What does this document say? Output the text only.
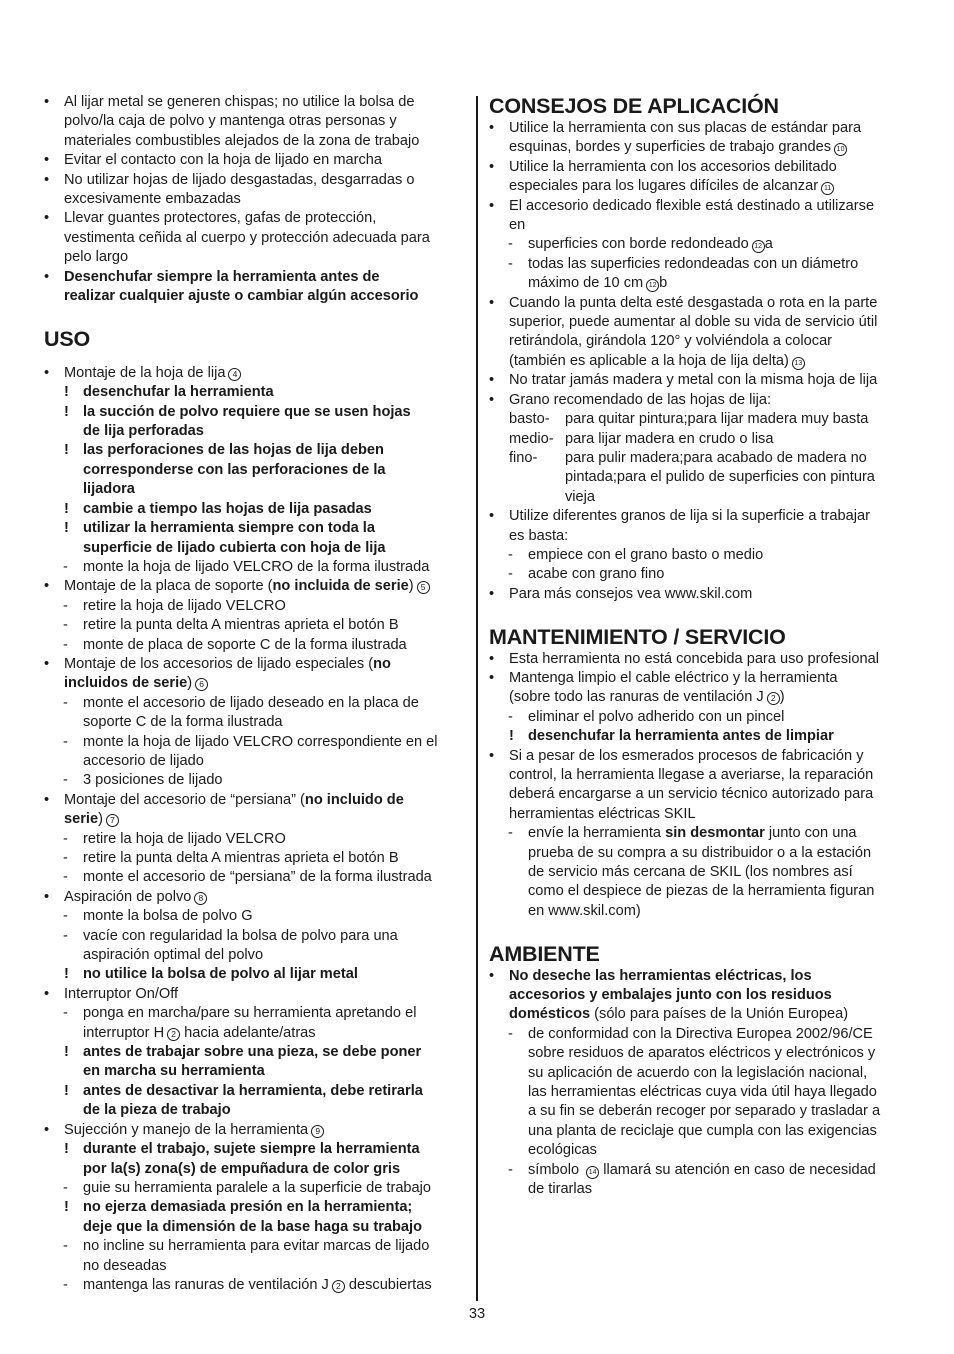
• Al lijar metal se generen chispas; no utilice la bolsa de
polvo/la caja de polvo y mantenga otras personas y
materiales combustibles alejados de la zona de trabajo
• Evitar el contacto con la hoja de lijado en marcha
• No utilizar hojas de lijado desgastadas, desgarradas o
excesivamente embazadas
• Llevar guantes protectores, gafas de protección,
vestimenta ceñida al cuerpo y protección adecuada para
pelo largo
• Desenchufar siempre la herramienta antes de
realizar cualquier ajuste o cambiar algún accesorio
USO
• Montaje de la hoja de lija 4
! desenchufar la herramienta
! la succión de polvo requiere que se usen hojas
de lija perforadas
! las perforaciones de las hojas de lija deben
corresponderse con las perforaciones de la
lijadora
! cambie a tiempo las hojas de lija pasadas
! utilizar la herramienta siempre con toda la
superficie de lijado cubierta con hoja de lija
- monte la hoja de lijado VELCRO de la forma ilustrada
• Montaje de la placa de soporte (no incluida de serie) 5
- retire la hoja de lijado VELCRO
- retire la punta delta A mientras aprieta el botón B
- monte de placa de soporte C de la forma ilustrada
• Montaje de los accesorios de lijado especiales (no
incluidos de serie) 6
- monte el accesorio de lijado deseado en la placa de
soporte C de la forma ilustrada
- monte la hoja de lijado VELCRO correspondiente en el
accesorio de lijado
- 3 posiciones de lijado
• Montaje del accesorio de “persiana” (no incluido de
serie) 7
- retire la hoja de lijado VELCRO
- retire la punta delta A mientras aprieta el botón B
- monte el accesorio de “persiana” de la forma ilustrada
• Aspiración de polvo 8
- monte la bolsa de polvo G
- vacíe con regularidad la bolsa de polvo para una
aspiración optimal del polvo
! no utilice la bolsa de polvo al lijar metal
• Interruptor On/Off
- ponga en marcha/pare su herramienta apretando el
interruptor H 2 hacia adelante/atras
! antes de trabajar sobre una pieza, se debe poner
en marcha su herramienta
! antes de desactivar la herramienta, debe retirarla
de la pieza de trabajo
• Sujección y manejo de la herramienta 9
! durante el trabajo, sujete siempre la herramienta
por la(s) zona(s) de empuñadura de color gris
- guie su herramienta paralele a la superficie de trabajo
! no ejerza demasiada presión en la herramienta;
deje que la dimensión de la base haga su trabajo
- no incline su herramienta para evitar marcas de lijado
no deseadas
- mantenga las ranuras de ventilación J 2 descubiertas
CONSEJOS DE APLICACIÓN
• Utilice la herramienta con sus placas de estándar para
esquinas, bordes y superficies de trabajo grandes 10
• Utilice la herramienta con los accesorios debilitado
especiales para los lugares difíciles de alcanzar 11
• El accesorio dedicado flexible está destinado a utilizarse
en
- superficies con borde redondeado 12 a
- todas las superficies redondeadas con un diámetro
máximo de 10 cm 12 b
• Cuando la punta delta esté desgastada o rota en la parte
superior, puede aumentar al doble su vida de servicio útil
retirándola, girándola 120° y volviéndola a colocar
(también es aplicable a la hoja de lija delta) 13
• No tratar jamás madera y metal con la misma hoja de lija
• Grano recomendado de las hojas de lija:
basto- para quitar pintura;para lijar madera muy basta
medio- para lijar madera en crudo o lisa
fino- para pulir madera;para acabado de madera no
pintada;para el pulido de superficies con pintura
vieja
• Utilize diferentes granos de lija si la superficie a trabajar
es basta:
- empiece con el grano basto o medio
- acabe con grano fino
• Para más consejos vea www.skil.com
MANTENIMIENTO / SERVICIO
• Esta herramienta no está concebida para uso profesional
• Mantenga limpio el cable eléctrico y la herramienta
(sobre todo las ranuras de ventilación J 2 )
- eliminar el polvo adherido con un pincel
! desenchufar la herramienta antes de limpiar
• Si a pesar de los esmerados procesos de fabricación y
control, la herramienta llegase a averiarse, la reparación
deberá encargarse a un servicio técnico autorizado para
herramientas eléctricas SKIL
- envíe la herramienta sin desmontar junto con una
prueba de su compra a su distribuidor o a la estación
de servicio más cercana de SKIL (los nombres así
como el despiece de piezas de la herramienta figuran
en www.skil.com)
AMBIENTE
• No deseche las herramientas eléctricas, los
accesorios y embalajes junto con los residuos
domésticos (sólo para países de la Unión Europea)
- de conformidad con la Directiva Europea 2002/96/CE
sobre residuos de aparatos eléctricos y electrónicos y
su aplicación de acuerdo con la legislación nacional,
las herramientas eléctricas cuya vida útil haya llegado
a su fin se deberán recoger por separado y trasladar a
una planta de reciclaje que cumpla con las exigencias
ecológicas
- símbolo 14 llamará su atención en caso de necesidad
de tirarlas
33
